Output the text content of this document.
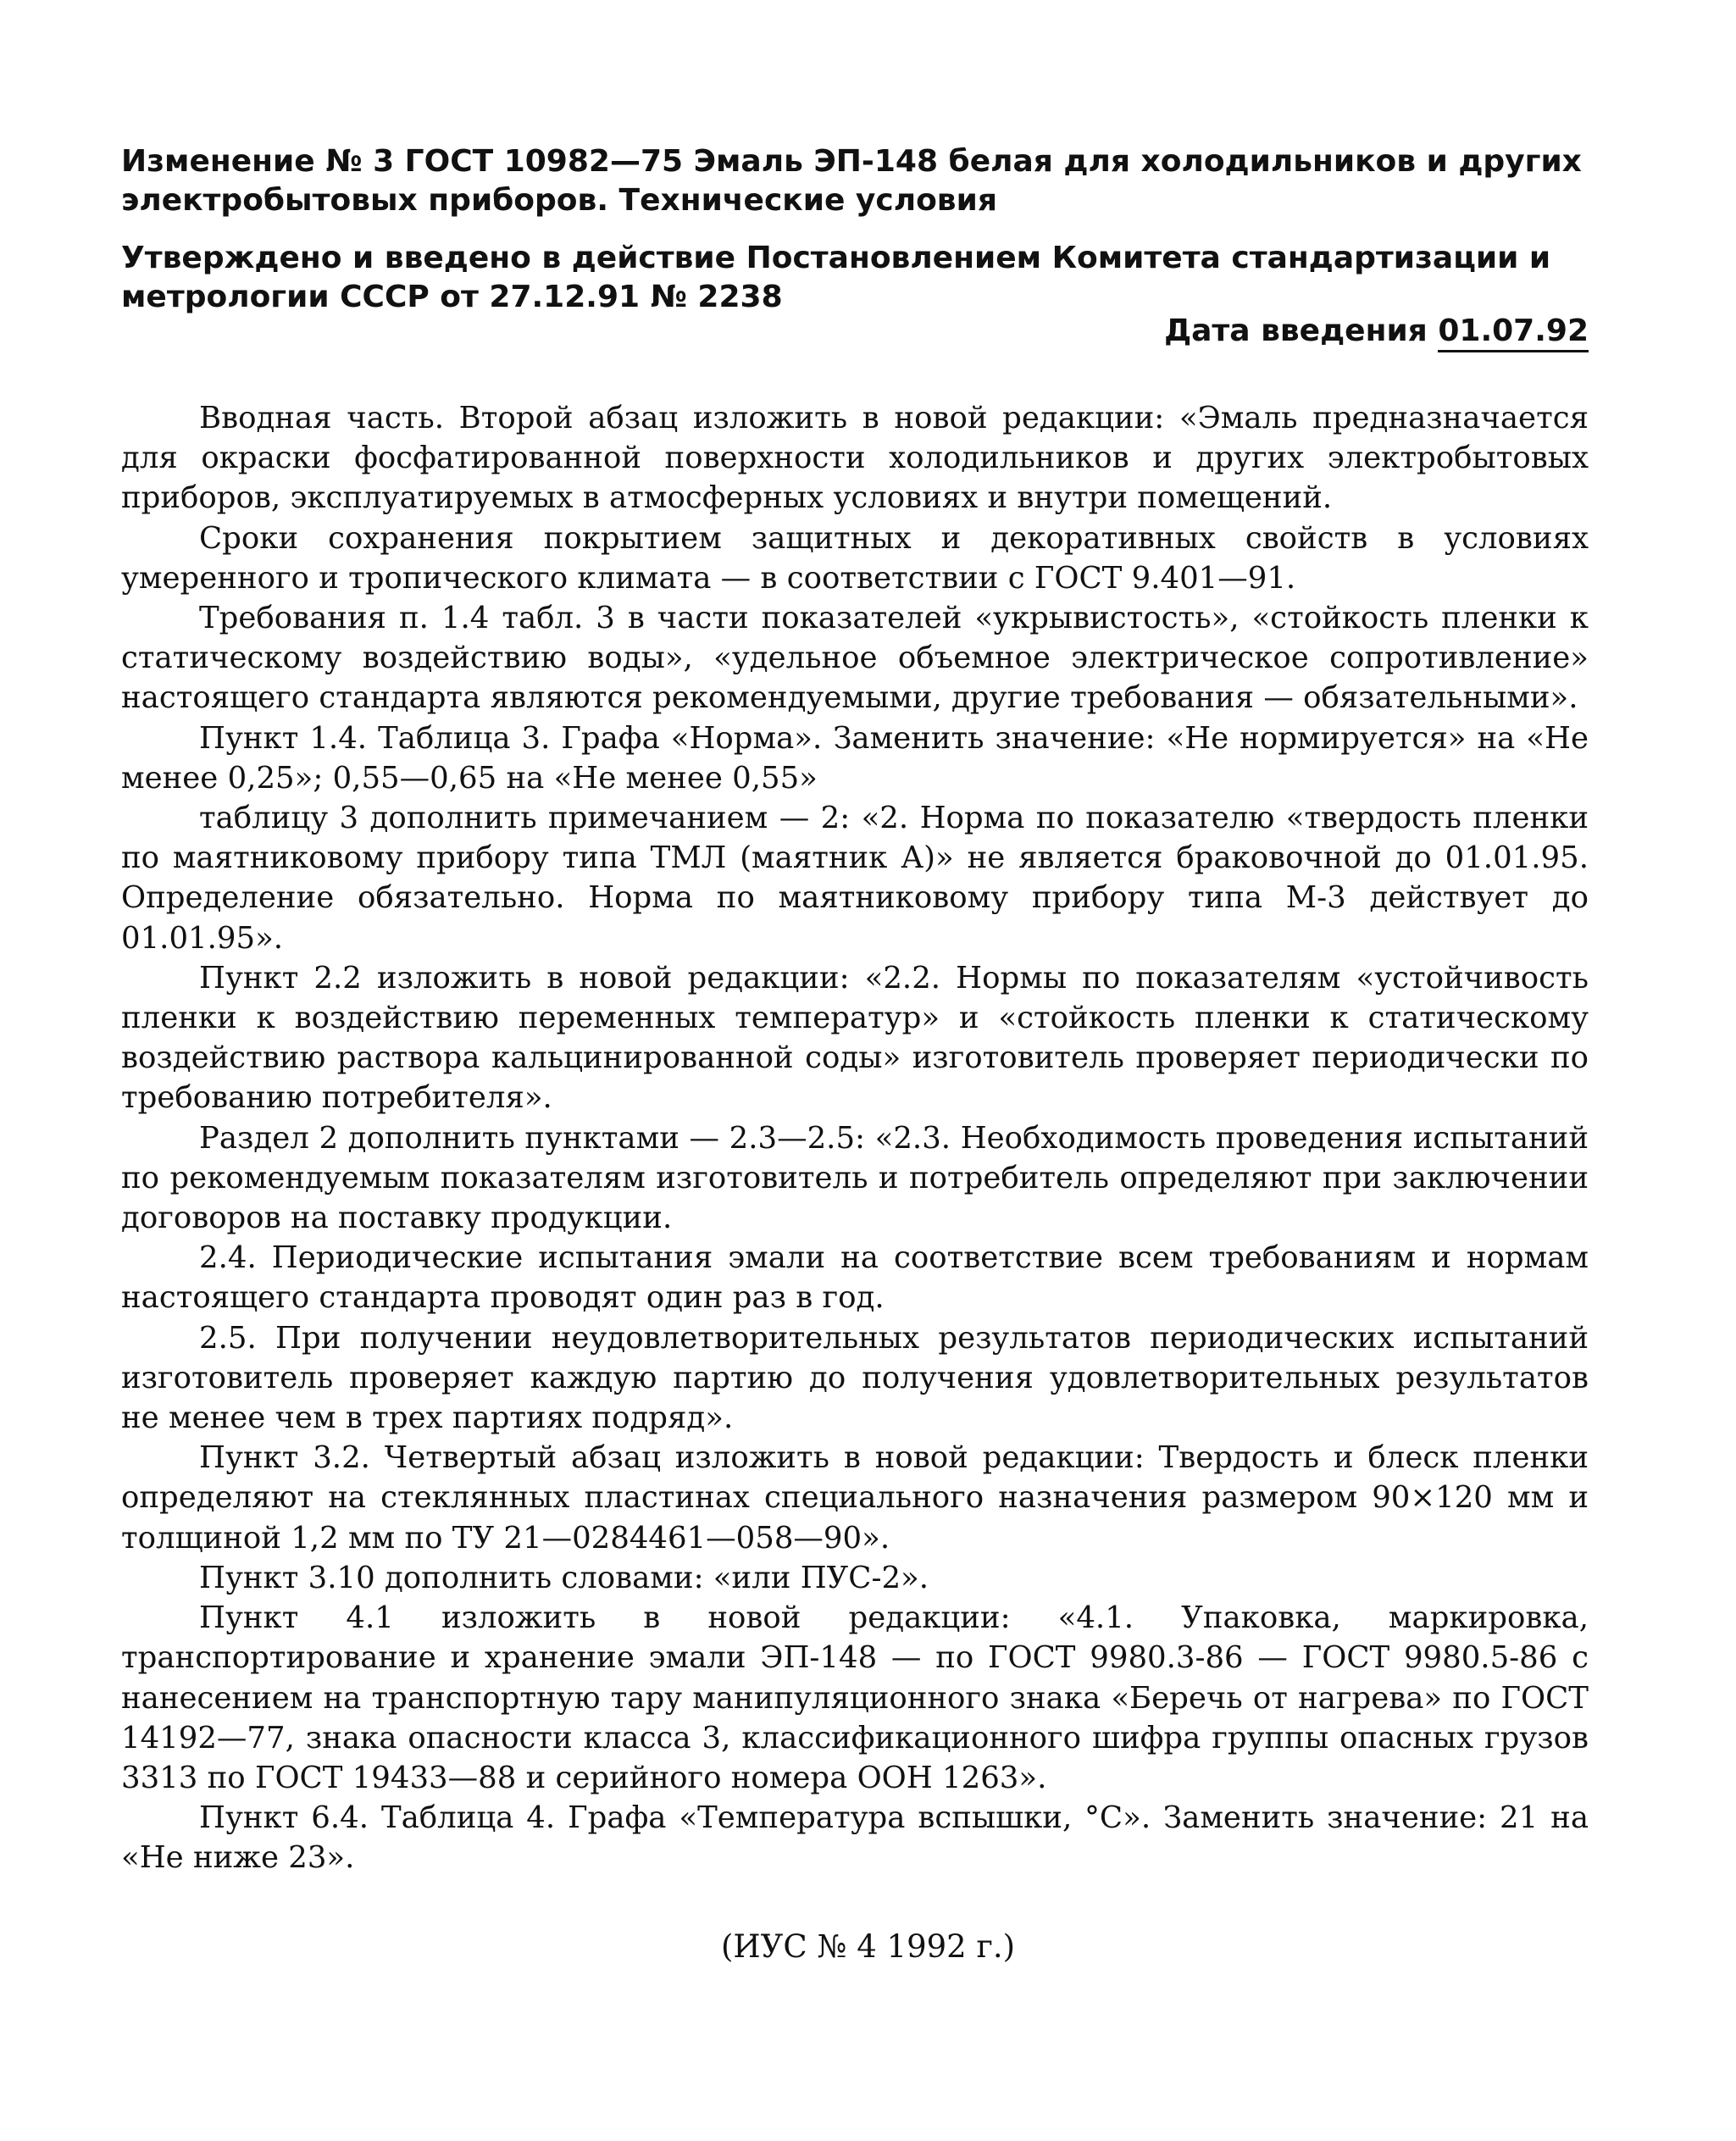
Изменение № 3 ГОСТ 10982—75 Эмаль ЭП-148 белая для холодильников и других электробытовых приборов. Технические условия

Утверждено и введено в действие Постановлением Комитета стандартизации и метрологии СССР от 27.12.91 № 2238

Дата введения 01.07.92

Вводная часть. Второй абзац изложить в новой редакции: «Эмаль предназначается для окраски фосфатированной поверхности холодильников и других электробытовых приборов, эксплуатируемых в атмосферных условиях и внутри помещений.

Сроки сохранения покрытием защитных и декоративных свойств в условиях умеренного и тропического климата — в соответствии с ГОСТ 9.401—91.

Требования п. 1.4 табл. 3 в части показателей «укрывистость», «стойкость пленки к статическому воздействию воды», «удельное объемное электрическое сопротивление» настоящего стандарта являются рекомендуемыми, другие требования — обязательными».

Пункт 1.4. Таблица 3. Графа «Норма». Заменить значение: «Не нормируется» на «Не менее 0,25»; 0,55—0,65 на «Не менее 0,55»

таблицу 3 дополнить примечанием — 2: «2. Норма по показателю «твердость пленки по маятниковому прибору типа ТМЛ (маятник А)» не является браковочной до 01.01.95. Определение обязательно. Норма по маятниковому прибору типа М-3 действует до 01.01.95».

Пункт 2.2 изложить в новой редакции: «2.2. Нормы по показателям «устойчивость пленки к воздействию переменных температур» и «стойкость пленки к статическому воздействию раствора кальцинированной соды» изготовитель проверяет периодически по требованию потребителя».

Раздел 2 дополнить пунктами — 2.3—2.5: «2.3. Необходимость проведения испытаний по рекомендуемым показателям изготовитель и потребитель определяют при заключении договоров на поставку продукции.

2.4. Периодические испытания эмали на соответствие всем требованиям и нормам настоящего стандарта проводят один раз в год.

2.5. При получении неудовлетворительных результатов периодических испытаний изготовитель проверяет каждую партию до получения удовлетворительных результатов не менее чем в трех партиях подряд».

Пункт 3.2. Четвертый абзац изложить в новой редакции: Твердость и блеск пленки определяют на стеклянных пластинах специального назначения размером 90×120 мм и толщиной 1,2 мм по ТУ 21—0284461—058—90».

Пункт 3.10 дополнить словами: «или ПУС-2».

Пункт 4.1 изложить в новой редакции: «4.1. Упаковка, маркировка, транспортирование и хранение эмали ЭП-148 — по ГОСТ 9980.3-86 — ГОСТ 9980.5-86 с нанесением на транспортную тару манипуляционного знака «Беречь от нагрева» по ГОСТ 14192—77, знака опасности класса 3, классификационного шифра группы опасных грузов 3313 по ГОСТ 19433—88 и серийного номера ООН 1263».

Пункт 6.4. Таблица 4. Графа «Температура вспышки, °С». Заменить значение: 21 на «Не ниже 23».

(ИУС № 4 1992 г.)
